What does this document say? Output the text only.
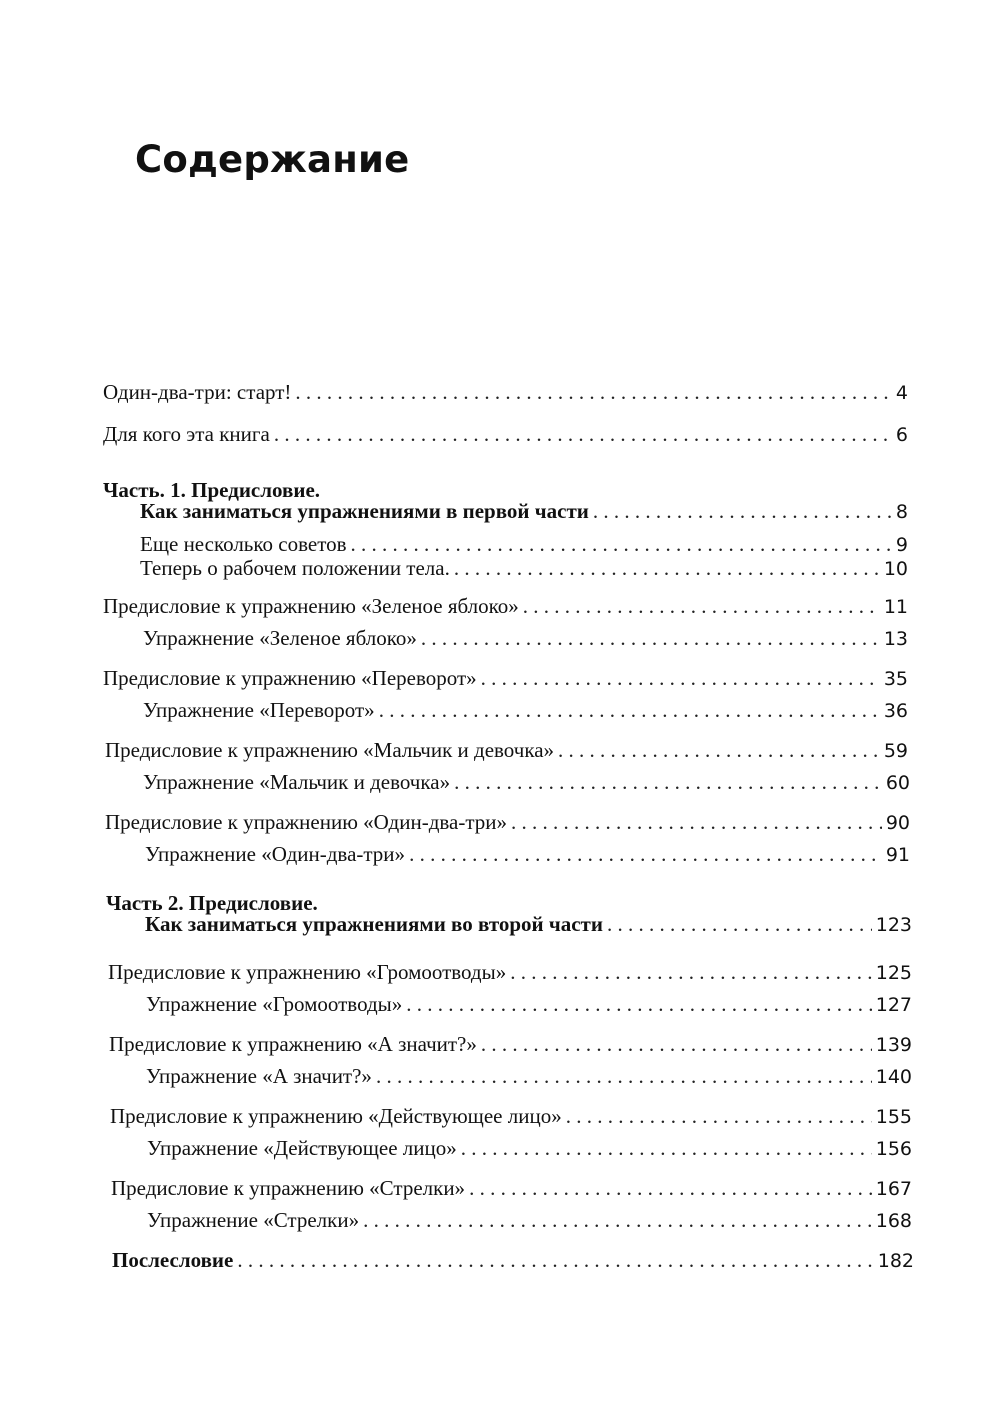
Содержание
Один-два-три: старт! . . .	4
Для кого эта книга . . .	6
Часть. 1. Предисловие.
Как заниматься упражнениями в первой части . . .	8
Еще несколько советов . . .	9
Теперь о рабочем положении тела. . . .	10
Предисловие к упражнению «Зеленое яблоко» . . .	11
Упражнение «Зеленое яблоко» . . .	13
Предисловие к упражнению «Переворот» . . .	35
Упражнение «Переворот» . . .	36
Предисловие к упражнению «Мальчик и девочка» . . .	59
Упражнение «Мальчик и девочка» . . .	60
Предисловие к упражнению «Один-два-три» . . .	90
Упражнение «Один-два-три» . . .	91
Часть 2. Предисловие.
Как заниматься упражнениями во второй части . . .	123
Предисловие к упражнению «Громоотводы» . . .	125
Упражнение «Громоотводы» . . .	127
Предисловие к упражнению «А значит?» . . .	139
Упражнение «А значит?» . . .	140
Предисловие к упражнению «Действующее лицо» . . .	155
Упражнение «Действующее лицо» . . .	156
Предисловие к упражнению «Стрелки» . . .	167
Упражнение «Стрелки» . . .	168
Послесловие . . .	182
